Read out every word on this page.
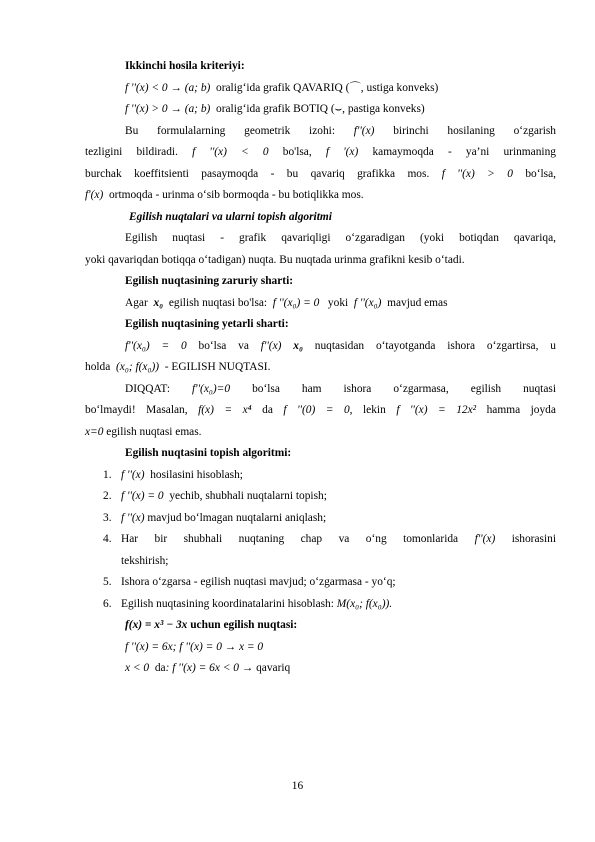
Ikkinchi hosila kriteriyi:
f ''(x) < 0 → (a; b) oralig‘ida grafik QAVARIQ (⌒, ustiga konveks)
f ''(x) > 0 → (a; b) oralig‘ida grafik BOTIQ (⌣, pastiga konveks)
Bu formulalarning geometrik izohi: f''(x) birinchi hosilaning o‘zgarish
tezligini bildiradi. f ''(x) < 0 bo'lsa, f '(x) kamaymoqda - ya’ni urinmaning
burchak koeffitsienti pasaymoqda - bu qavariq grafikka mos. f ''(x) > 0 bo‘lsa,
f'(x) ortmoqda - urinma o‘sib bormoqda - bu botiqlikka mos.
Egilish nuqtalari va ularni topish algoritmi
Egilish nuqtasi - grafik qavariqligi o‘zgaradigan (yoki botiqdan qavariqa,
yoki qavariqdan botiqqa o‘tadigan) nuqta. Bu nuqtada urinma grafikni kesib o‘tadi.
Egilish nuqtasining zaruriy sharti:
Agar x₀ egilish nuqtasi bo'lsa: f ''(x₀) = 0 yoki f ''(x₀) mavjud emas
Egilish nuqtasining yetarli sharti:
f''(x₀) = 0 bo‘lsa va f''(x) x₀ nuqtasidan o‘tayotganda ishora o‘zgartirsa, u
holda (x₀; f(x₀)) - EGILISH NUQTASI.
DIQQAT: f''(x₀)=0 bo‘lsa ham ishora o‘zgarmasa, egilish nuqtasi
bo‘lmaydi! Masalan, f(x) = x⁴ da f ''(0) = 0, lekin f ''(x) = 12x² hamma joyda
x=0 egilish nuqtasi emas.
Egilish nuqtasini topish algoritmi:
1. f ''(x) hosilasini hisoblash;
2. f ''(x) = 0 yechib, shubhali nuqtalarni topish;
3. f ''(x) mavjud bo‘lmagan nuqtalarni aniqlash;
4. Har bir shubhali nuqtaning chap va o‘ng tomonlarida f''(x) ishorasini
tekshirish;
5. Ishora o‘zgarsa - egilish nuqtasi mavjud; o‘zgarmasa - yo‘q;
6. Egilish nuqtasining koordinatalarini hisoblash: M(x₀; f(x₀)).
f(x) = x³ − 3x uchun egilish nuqtasi:
f ''(x) = 6x; f ''(x) = 0 → x = 0
x < 0 da: f ''(x) = 6x < 0 → qavariq
16
